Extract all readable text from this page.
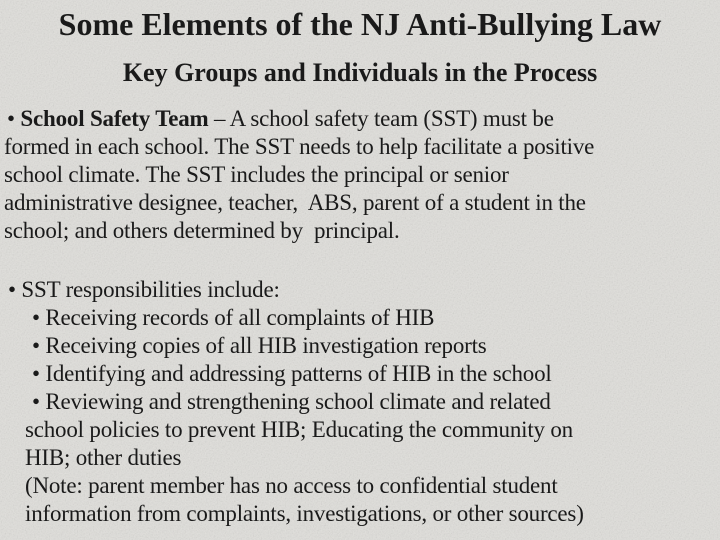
Some Elements of the NJ Anti-Bullying Law
Key Groups and Individuals in the Process
• School Safety Team – A school safety team (SST) must be
formed in each school. The SST needs to help facilitate a positive
school climate. The SST includes the principal or senior
administrative designee, teacher,  ABS, parent of a student in the
school; and others determined by  principal.
• SST responsibilities include:
• Receiving records of all complaints of HIB
• Receiving copies of all HIB investigation reports
• Identifying and addressing patterns of HIB in the school
• Reviewing and strengthening school climate and related
school policies to prevent HIB; Educating the community on
HIB; other duties
(Note: parent member has no access to confidential student
information from complaints, investigations, or other sources)
